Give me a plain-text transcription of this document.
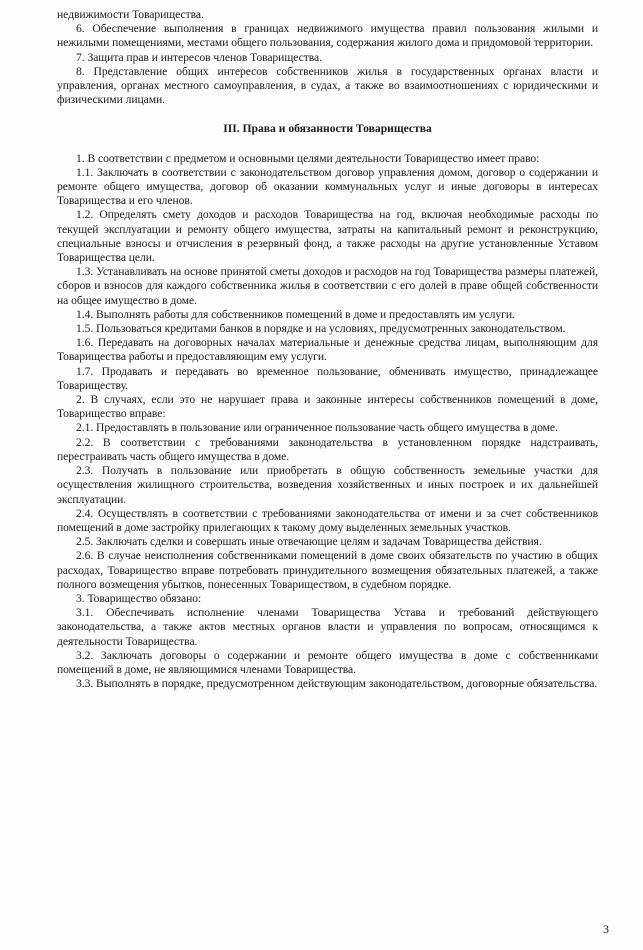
недвижимости Товарищества.

6. Обеспечение выполнения в границах недвижимого имущества правил пользования жилыми и нежилыми помещениями, местами общего пользования, содержания жилого дома и придомовой территории.

7. Защита прав и интересов членов Товарищества.

8. Представление общих интересов собственников жилья в государственных органах власти и управления, органах местного самоуправления, в судах, а также во взаимоотношениях с юридическими и физическими лицами.

III. Права и обязанности Товарищества

1. В соответствии с предметом и основными целями деятельности Товарищество имеет право:

1.1. Заключать в соответствии с законодательством договор управления домом, договор о содержании и ремонте общего имущества, договор об оказании коммунальных услуг и иные договоры в интересах Товарищества и его членов.

1.2. Определять смету доходов и расходов Товарищества на год, включая необходимые расходы по текущей эксплуатации и ремонту общего имущества, затраты на капитальный ремонт и реконструкцию, специальные взносы и отчисления в резервный фонд, а также расходы на другие установленные Уставом Товарищества цели.

1.3. Устанавливать на основе принятой сметы доходов и расходов на год Товарищества размеры платежей, сборов и взносов для каждого собственника жилья в соответствии с его долей в праве общей собственности на общее имущество в доме.

1.4. Выполнять работы для собственников помещений в доме и предоставлять им услуги.

1.5. Пользоваться кредитами банков в порядке и на условиях, предусмотренных законодательством.

1.6. Передавать на договорных началах материальные и денежные средства лицам, выполняющим для Товарищества работы и предоставляющим ему услуги.

1.7. Продавать и передавать во временное пользование, обменивать имущество, принадлежащее Товариществу.

2. В случаях, если это не нарушает права и законные интересы собственников помещений в доме, Товарищество вправе:

2.1. Предоставлять в пользование или ограниченное пользование часть общего имущества в доме.

2.2. В соответствии с требованиями законодательства в установленном порядке надстраивать, перестраивать часть общего имущества в доме.

2.3. Получать в пользование или приобретать в общую собственность земельные участки для осуществления жилищного строительства, возведения хозяйственных и иных построек и их дальнейшей эксплуатации.

2.4. Осуществлять в соответствии с требованиями законодательства от имени и за счет собственников помещений в доме застройку прилегающих к такому дому выделенных земельных участков.

2.5. Заключать сделки и совершать иные отвечающие целям и задачам Товарищества действия.

2.6. В случае неисполнения собственниками помещений в доме своих обязательств по участию в общих расходах, Товарищество вправе потребовать принудительного возмещения обязательных платежей, а также полного возмещения убытков, понесенных Товариществом, в судебном порядке.

3. Товарищество обязано:

3.1. Обеспечивать исполнение членами Товарищества Устава и требований действующего законодательства, а также актов местных органов власти и управления по вопросам, относящимся к деятельности Товарищества.

3.2. Заключать договоры о содержании и ремонте общего имущества в доме с собственниками помещений в доме, не являющимися членами Товарищества.

3.3. Выполнять в порядке, предусмотренном действующим законодательством, договорные обязательства.

3
